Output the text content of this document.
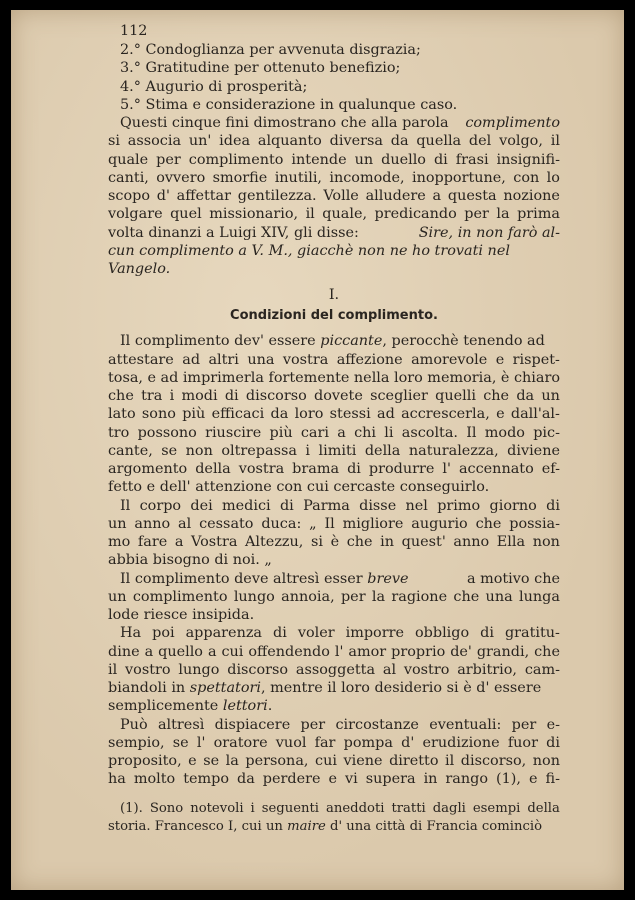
112
2.° Condoglianza per avvenuta disgrazia;
3.° Gratitudine per ottenuto benefizio;
4.° Augurio di prosperità;
5.° Stima e considerazione in qualunque caso.
Questi cinque fini dimostrano che alla parola complimento
si associa un' idea alquanto diversa da quella del volgo, il
quale per complimento intende un duello di frasi insignifi-
canti, ovvero smorfie inutili, incomode, inopportune, con lo
scopo d' affettar gentilezza. Volle alludere a questa nozione
volgare quel missionario, il quale, predicando per la prima
volta dinanzi a Luigi XIV, gli disse:	Sire, in non farò al-
cun complimento a V. M., giacchè non ne ho trovati nel
Vangelo.
I.
Condizioni del complimento.
Il complimento dev' essere piccante, perocchè tenendo ad
attestare ad altri una vostra affezione amorevole e rispet-
tosa, e ad imprimerla fortemente nella loro memoria, è chiaro
che tra i modi di discorso dovete sceglier quelli che da un
lato sono più efficaci da loro stessi ad accrescerla, e dall'al-
tro possono riuscire più cari a chi li ascolta. Il modo pic-
cante, se non oltrepassa i limiti della naturalezza, diviene
argomento della vostra brama di produrre l' accennato ef-
fetto e dell' attenzione con cui cercaste conseguirlo.
Il corpo dei medici di Parma disse nel primo giorno di
un anno al cessato duca: „ Il migliore augurio che possia-
mo fare a Vostra Altezzu, si è che in quest' anno Ella non
abbia bisogno di noi. „
Il complimento deve altresì esser breve	a motivo che
un complimento lungo annoia, per la ragione che una lunga
lode riesce insipida.
Ha poi apparenza di voler imporre obbligo di gratitu-
dine a quello a cui offendendo l' amor proprio de' grandi, che
il vostro lungo discorso assoggetta al vostro arbitrio, cam-
biandoli in spettatori, mentre il loro desiderio si è d' essere
semplicemente lettori.
Può altresì dispiacere per circostanze eventuali: per e-
sempio, se l' oratore vuol far pompa d' erudizione fuor di
proposito, e se la persona, cui viene diretto il discorso, non
ha molto tempo da perdere e vi supera in rango (1), e fi-
(1). Sono notevoli i seguenti aneddoti tratti dagli esempi della
storia. Francesco I, cui un maire d' una città di Francia cominciò
